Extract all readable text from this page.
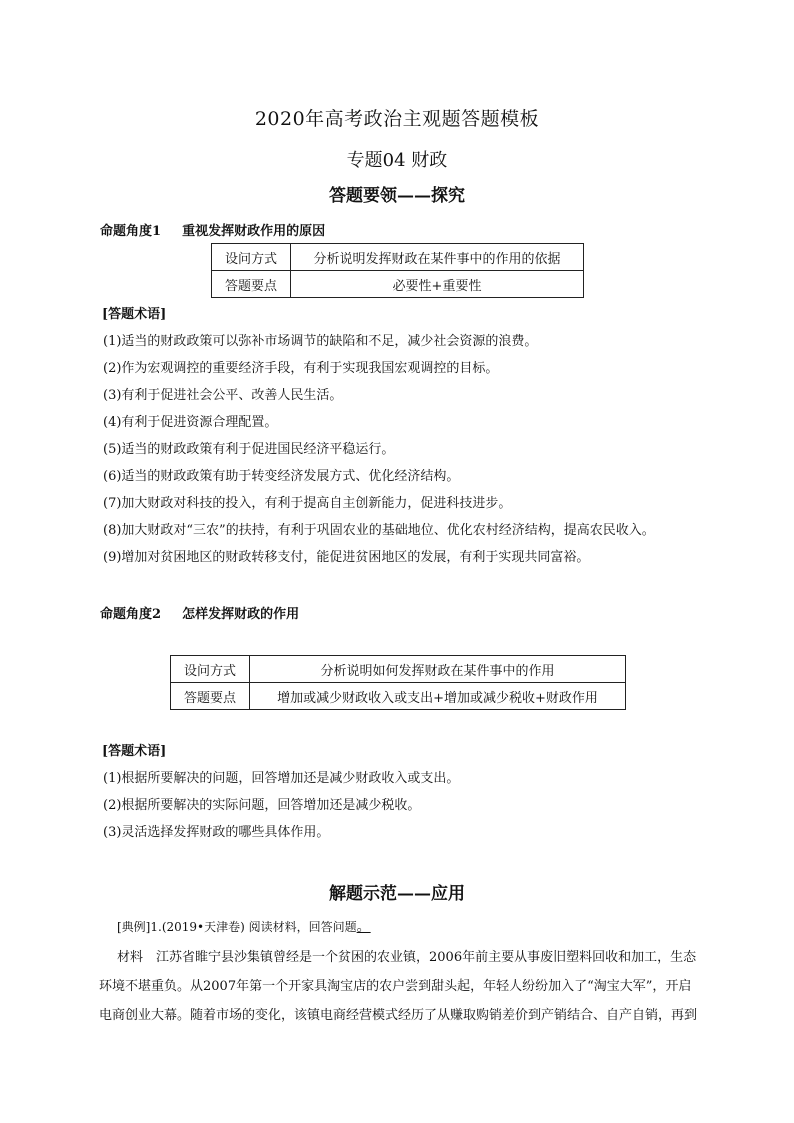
2020年高考政治主观题答题模板
专题04 财政
答题要领——探究
命题角度1 重视发挥财政作用的原因
设问方式	分析说明发挥财政在某件事中的作用的依据
答题要点	必要性+重要性
[答题术语]
(1)适当的财政政策可以弥补市场调节的缺陷和不足，减少社会资源的浪费。
(2)作为宏观调控的重要经济手段，有利于实现我国宏观调控的目标。
(3)有利于促进社会公平、改善人民生活。
(4)有利于促进资源合理配置。
(5)适当的财政政策有利于促进国民经济平稳运行。
(6)适当的财政政策有助于转变经济发展方式、优化经济结构。
(7)加大财政对科技的投入，有利于提高自主创新能力，促进科技进步。
(8)加大财政对“三农”的扶持，有利于巩固农业的基础地位、优化农村经济结构，提高农民收入。
(9)增加对贫困地区的财政转移支付，能促进贫困地区的发展，有利于实现共同富裕。
命题角度2 怎样发挥财政的作用
设问方式	分析说明如何发挥财政在某件事中的作用
答题要点	增加或减少财政收入或支出+增加或减少税收+财政作用
[答题术语]
(1)根据所要解决的问题，回答增加还是减少财政收入或支出。
(2)根据所要解决的实际问题，回答增加还是减少税收。
(3)灵活选择发挥财政的哪些具体作用。
解题示范——应用
[典例]1.(2019•天津卷) 阅读材料，回答问题。
材料　江苏省睢宁县沙集镇曾经是一个贫困的农业镇，2006年前主要从事废旧塑料回收和加工，生态
环境不堪重负。从2007年第一个开家具淘宝店的农户尝到甜头起，年轻人纷纷加入了“淘宝大军”，开启
电商创业大幕。随着市场的变化，该镇电商经营模式经历了从赚取购销差价到产销结合、自产自销，再到
